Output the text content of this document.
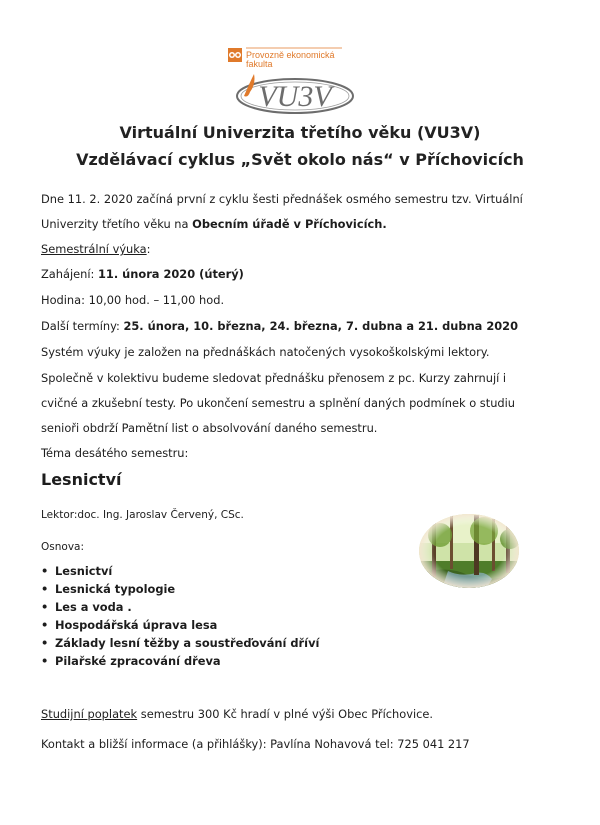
Provozně ekonomická
fakulta
VU3V
Virtuální Univerzita třetího věku (VU3V)
Vzdělávací cyklus „Svět okolo nás“ v Příchovicích
Dne 11. 2. 2020 začíná první z cyklu šesti přednášek osmého semestru tzv. Virtuální
Univerzity třetího věku na Obecním úřadě v Příchovicích.
Semestrální výuka:
Zahájení: 11. února 2020 (úterý)
Hodina: 10,00 hod. – 11,00 hod.
Další termíny: 25. února, 10. března, 24. března, 7. dubna a 21. dubna 2020
Systém výuky je založen na přednáškách natočených vysokoškolskými lektory.
Společně v kolektivu budeme sledovat přednášku přenosem z pc. Kurzy zahrnují i
cvičné a zkušební testy. Po ukončení semestru a splnění daných podmínek o studiu
senioři obdrží Pamětní list o absolvování daného semestru.
Téma desátého semestru:
Lesnictví
Lektor:doc. Ing. Jaroslav Červený, CSc.
Osnova:
• Lesnictví
• Lesnická typologie
• Les a voda .
• Hospodářská úprava lesa
• Základy lesní těžby a soustřeďování dříví
• Pilařské zpracování dřeva
Studijní poplatek semestru 300 Kč hradí v plné výši Obec Příchovice.
Kontakt a bližší informace (a přihlášky): Pavlína Nohavová tel: 725 041 217
